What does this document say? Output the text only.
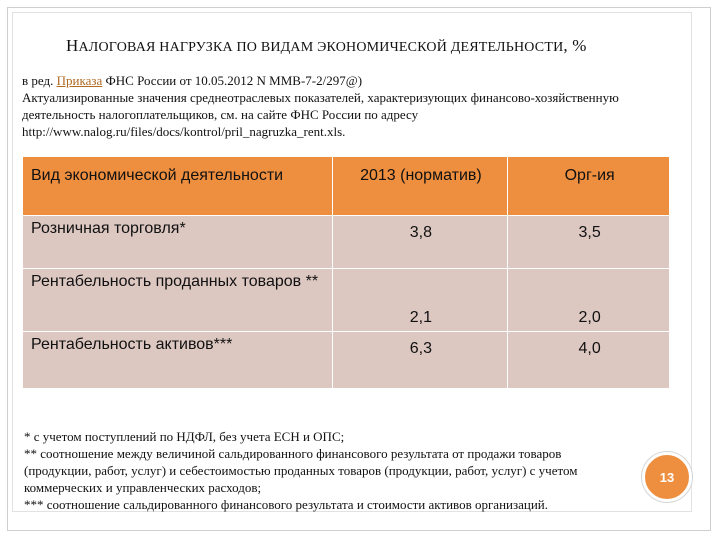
НАЛОГОВАЯ НАГРУЗКА ПО ВИДАМ ЭКОНОМИЧЕСКОЙ ДЕЯТЕЛЬНОСТИ, %
в ред. Приказа ФНС России от 10.05.2012 N ММВ-7-2/297@)
Актуализированные значения среднеотраслевых показателей, характеризующих финансово-хозяйственную деятельность налогоплательщиков, см. на сайте ФНС России по адресу http://www.nalog.ru/files/docs/kontrol/pril_nagruzka_rent.xls.
Вид экономической деятельности	2013 (норматив)	Орг-ия
Розничная торговля*	3,8	3,5
Рентабельность проданных товаров **	2,1	2,0
Рентабельность активов***	6,3	4,0
* с учетом поступлений по НДФЛ, без учета ЕСН и ОПС;
** соотношение между величиной сальдированного финансового результата от продажи товаров (продукции, работ, услуг) и себестоимостью проданных товаров (продукции, работ, услуг) с учетом коммерческих и управленческих расходов;
*** соотношение сальдированного финансового результата и стоимости активов организаций.
13
